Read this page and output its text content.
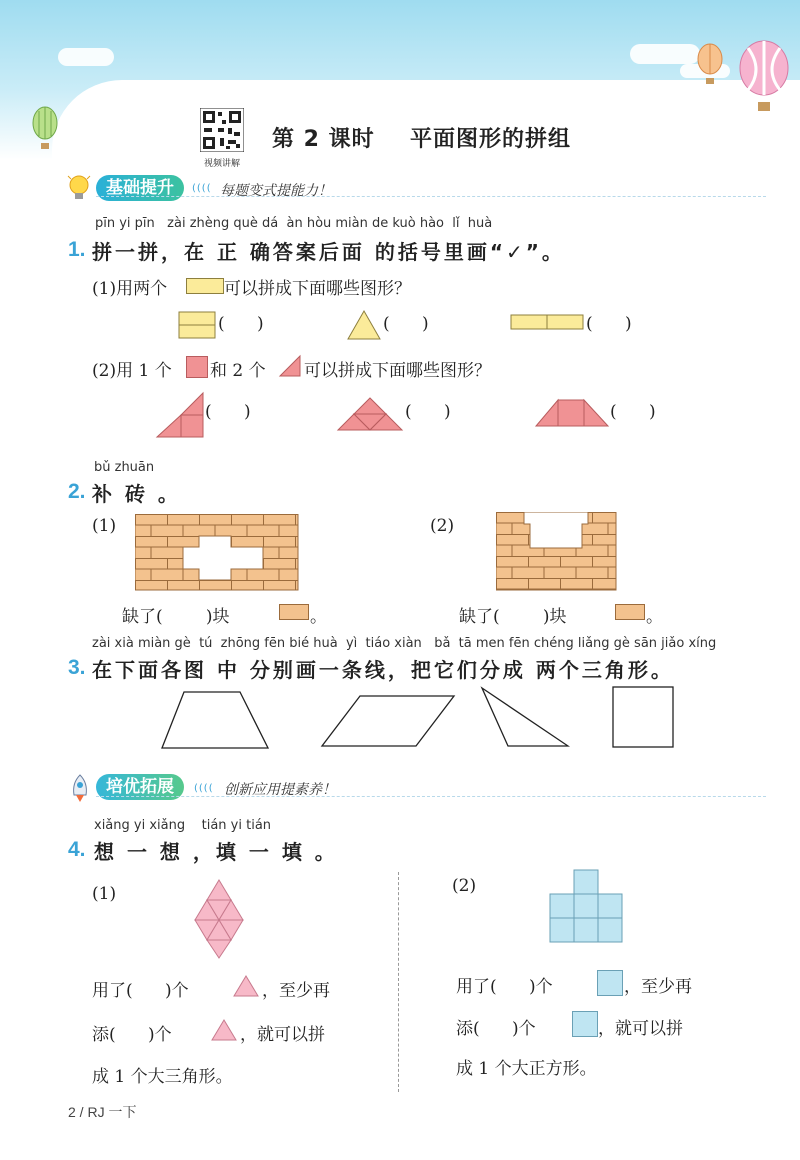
视频讲解
第 2 课时 平面图形的拼组
基础提升	(((( 每题变式提能力！
pīn yi pīn   zài zhèng què dá  àn hòu miàn de kuò hào  lǐ  huà
1. 拼一拼，在 正 确答案后面 的括号里画“✓”。
(1)用两个	可以拼成下面哪些图形？
(      )	(      )	(      )
(2)用 1 个 和 2 个 可以拼成下面哪些图形？
(      )	(      )	(      )
bǔ zhuān
2. 补 砖 。
(1)	(2)
缺了(        )块	。	缺了(        )块	。
zài xià miàn gè  tú  zhōng fēn bié huà  yì  tiáo xiàn   bǎ  tā men fēn chéng liǎng gè sān jiǎo xíng
3. 在下面各图 中 分别画一条线，把它们分成 两个三角形。
培优拓展	(((( 创新应用提素养！
xiǎng yi xiǎng    tián yi tián
4. 想 一 想 ，填 一 填 。
(1)
用了(      )个	，至少再
添(      )个	，就可以拼
成 1 个大三角形。
(2)
用了(      )个	，至少再
添(      )个	，就可以拼
成 1 个大正方形。
2 / RJ 一下
